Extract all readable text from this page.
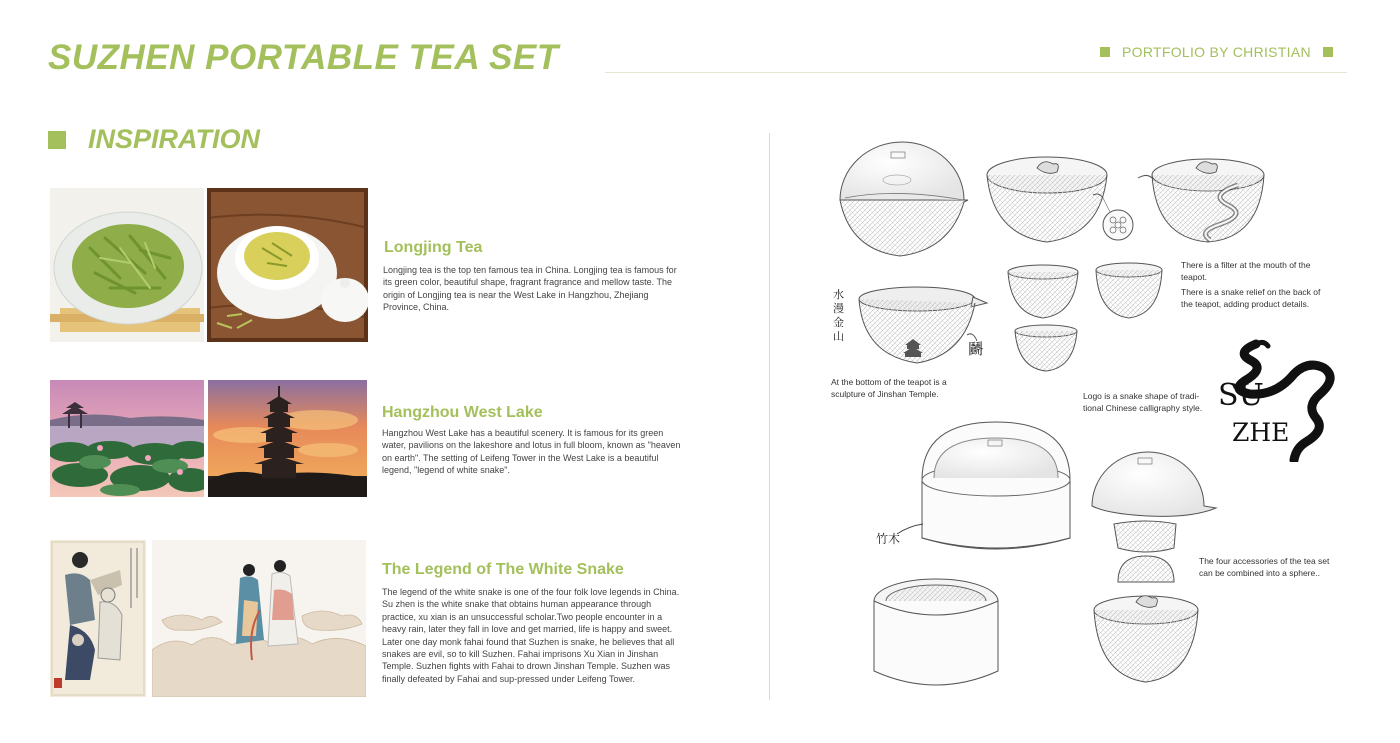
SUZHEN PORTABLE TEA SET	PORTFOLIO BY CHRISTIAN
INSPIRATION
Longjing Tea
Longjing tea is the top ten famous tea in China. Longjing tea is famous for its green color, beautiful shape, fragrant fragrance and mellow taste. The origin of Longjing tea is near the West Lake in Hangzhou, Zhejiang Province, China.
Hangzhou West Lake
Hangzhou West Lake has a beautiful scenery. It is famous for its green water, pavilions on the lakeshore and lotus in full bloom, known as "heaven on earth". The setting of Leifeng Tower in the West Lake is a beautiful legend, "legend of white snake".
The Legend of The White Snake
The legend of the white snake is one of the four folk love legends in China. Su zhen is the white snake that obtains human appearance through practice, xu xian is an unsuccessful scholar.Two people encounter in a heavy rain, later they fall in love and get married, life is happy and sweet. Later one day monk fahai found that Suzhen is snake, he believes that all snakes are evil, so to kill Suzhen. Fahai imprisons Xu Xian in Jinshan Temple. Suzhen fights with Fahai to drown Jinshan Temple. Suzhen was finally defeated by Fahai and sup-pressed under Leifeng Tower.
There is a filter at the mouth of the teapot.
There is a snake relief on the back of the teapot, adding product details.
水漫金山
鬬
At the bottom of the teapot is a sculpture of Jinshan Temple.	Logo is a snake shape of tradi-tional Chinese calligraphy style. SU
ZHE
竹木
The four accessories of the tea set can be combined into a sphere..
